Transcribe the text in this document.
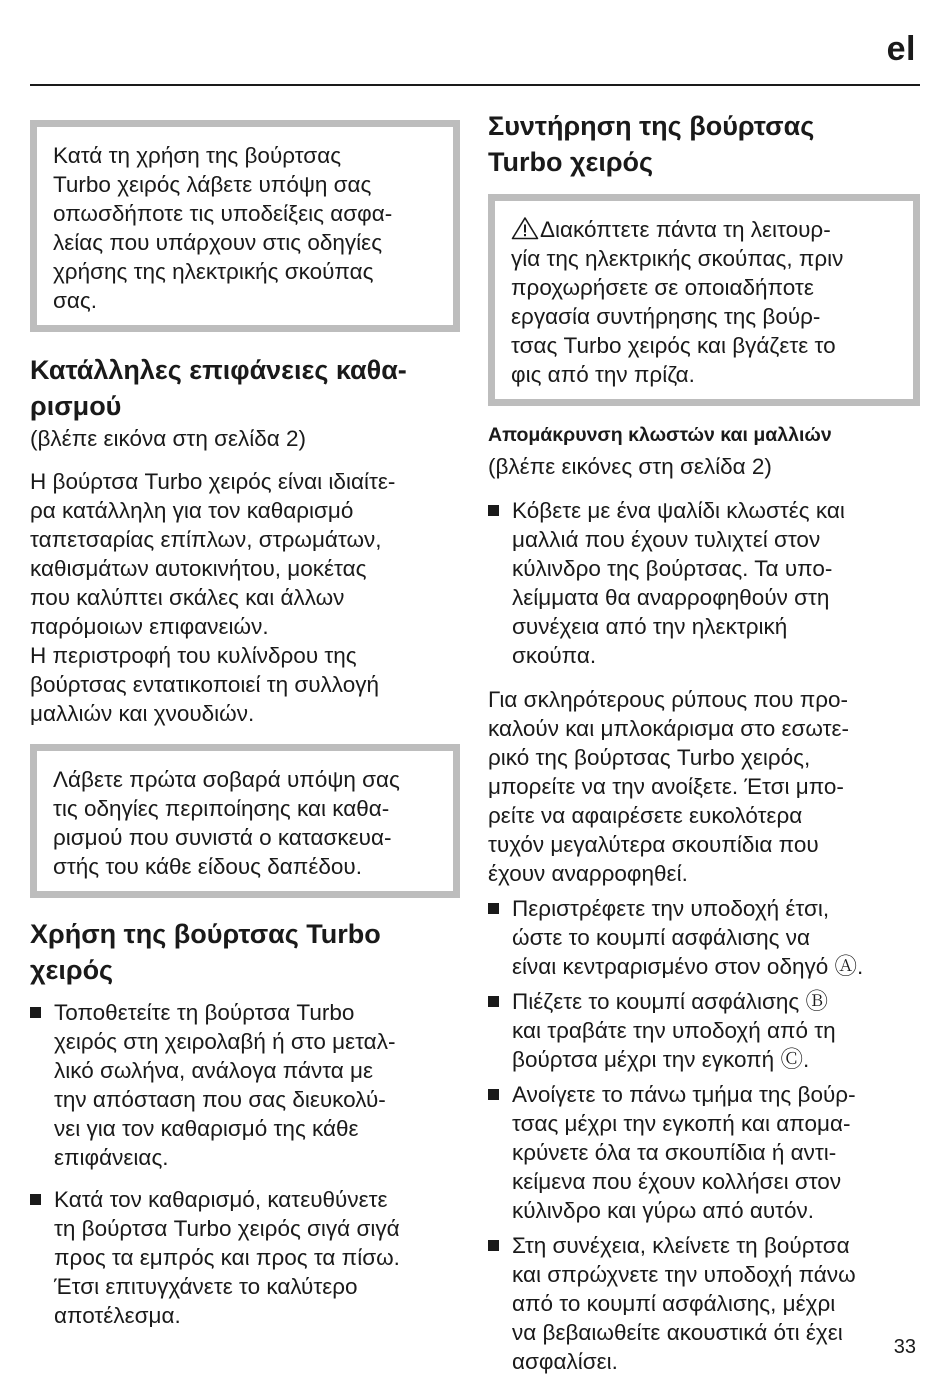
el

Κατά τη χρήση της βούρτσας
Turbo χειρός λάβετε υπόψη σας
οπωσδήποτε τις υποδείξεις ασφα-
λείας που υπάρχουν στις οδηγίες
χρήσης της ηλεκτρικής σκούπας
σας.

Κατάλληλες επιφάνειες καθα-
ρισμού

(βλέπε εικόνα στη σελίδα 2)

Η βούρτσα Turbo χειρός είναι ιδιαίτε-
ρα κατάλληλη για τον καθαρισμό
ταπετσαρίας επίπλων, στρωμάτων,
καθισμάτων αυτοκινήτου, μοκέτας
που καλύπτει σκάλες και άλλων
παρόμοιων επιφανειών.
Η περιστροφή του κυλίνδρου της
βούρτσας εντατικοποιεί τη συλλογή
μαλλιών και χνουδιών.

Λάβετε πρώτα σοβαρά υπόψη σας
τις οδηγίες περιποίησης και καθα-
ρισμού που συνιστά ο κατασκευα-
στής του κάθε είδους δαπέδου.

Χρήση της βούρτσας Turbo
χειρός
Τοποθετείτε τη βούρτσα Turbo
χειρός στη χειρολαβή ή στο μεταλ-
λικό σωλήνα, ανάλογα πάντα με
την απόσταση που σας διευκολύ-
νει για τον καθαρισμό της κάθε
επιφάνειας.
Κατά τον καθαρισμό, κατευθύνετε
τη βούρτσα Turbo χειρός σιγά σιγά
προς τα εμπρός και προς τα πίσω.
Έτσι επιτυγχάνετε το καλύτερο
αποτέλεσμα.
Συντήρηση της βούρτσας
Turbo χειρός

Διακόπτετε πάντα τη λειτουρ-
γία της ηλεκτρικής σκούπας, πριν
προχωρήσετε σε οποιαδήποτε
εργασία συντήρησης της βούρ-
τσας Turbo χειρός και βγάζετε το
φις από την πρίζα.

Απομάκρυνση κλωστών και μαλλιών

(βλέπε εικόνες στη σελίδα 2)

Κόβετε με ένα ψαλίδι κλωστές και
μαλλιά που έχουν τυλιχτεί στον
κύλινδρο της βούρτσας. Τα υπο-
λείμματα θα αναρροφηθούν στη
συνέχεια από την ηλεκτρική
σκούπα.

Για σκληρότερους ρύπους που προ-
καλούν και μπλοκάρισμα στο εσωτε-
ρικό της βούρτσας Turbo χειρός,
μπορείτε να την ανοίξετε. Έτσι μπο-
ρείτε να αφαιρέσετε ευκολότερα
τυχόν μεγαλύτερα σκουπίδια που
έχουν αναρροφηθεί.

Περιστρέφετε την υποδοχή έτσι,
ώστε το κουμπί ασφάλισης να
είναι κεντραρισμένο στον οδηγό Ⓐ.
Πιέζετε το κουμπί ασφάλισης Ⓑ
και τραβάτε την υποδοχή από τη
βούρτσα μέχρι την εγκοπή Ⓒ.
Ανοίγετε το πάνω τμήμα της βούρ-
τσας μέχρι την εγκοπή και απομα-
κρύνετε όλα τα σκουπίδια ή αντι-
κείμενα που έχουν κολλήσει στον
κύλινδρο και γύρω από αυτόν.
Στη συνέχεια, κλείνετε τη βούρτσα
και σπρώχνετε την υποδοχή πάνω
από το κουμπί ασφάλισης, μέχρι
να βεβαιωθείτε ακουστικά ότι έχει
ασφαλίσει.
33
